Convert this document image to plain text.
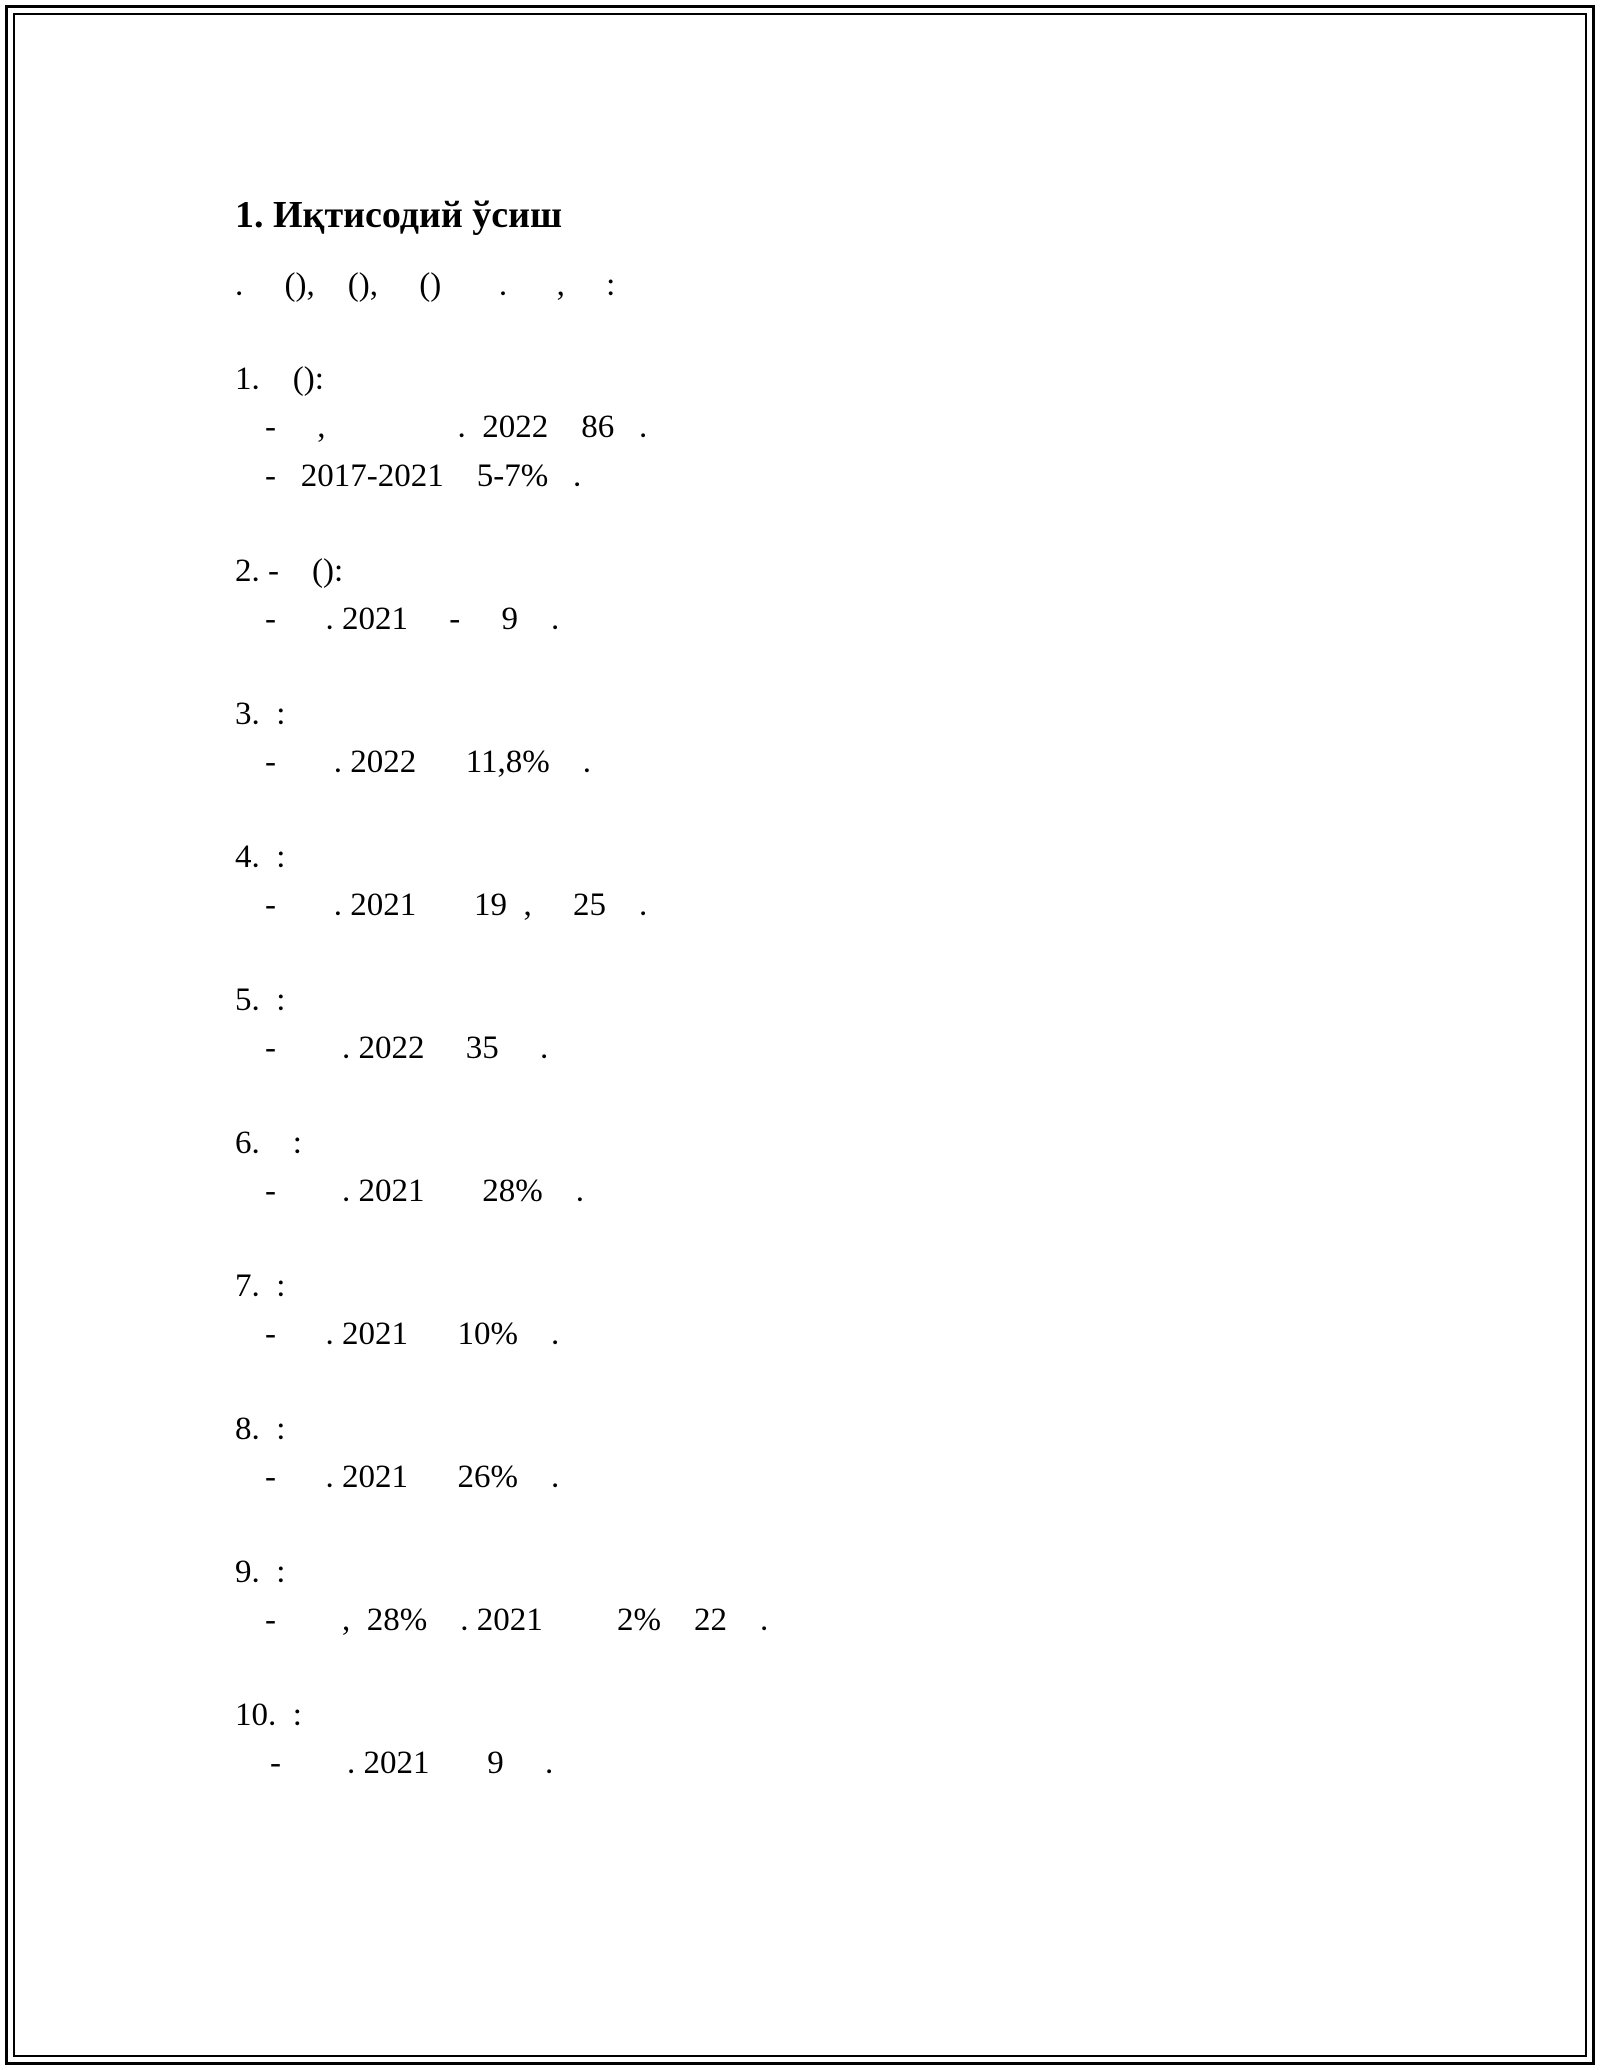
1. Иқтисодий ўсиш

.     (),    (),     ()       .      ,     :

1.    ():

-     ,                .  2022    86   .

-   2017-2021    5-7%   .

2. -    ():

-      . 2021     -     9    .

3.  :

-       . 2022      11,8%    .

4.  :

-       . 2021       19  ,     25    .

5.  :

-        . 2022     35     .

6.    :

-        . 2021       28%    .

7.  :

-      . 2021      10%    .

8.  :

-      . 2021      26%    .

9.  :

-        ,  28%    . 2021         2%    22    .

10.  :

-        . 2021       9     .
